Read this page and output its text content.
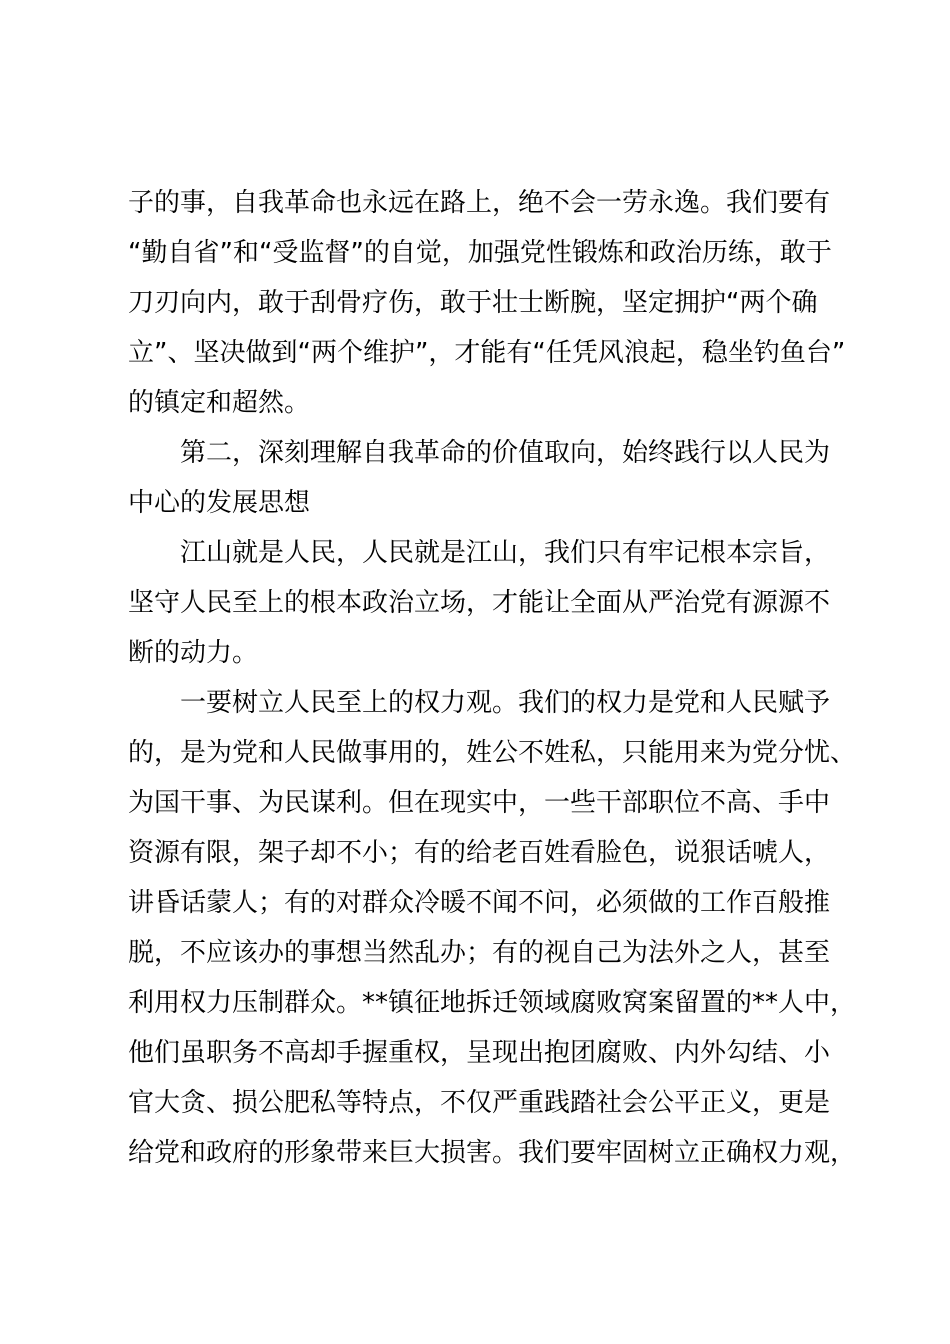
子的事，自我革命也永远在路上，绝不会一劳永逸。我们要有
“勤自省”和“受监督”的自觉，加强党性锻炼和政治历练，敢于
刀刃向内，敢于刮骨疗伤，敢于壮士断腕，坚定拥护“两个确
立”、坚决做到“两个维护”，才能有“任凭风浪起，稳坐钓鱼台”
的镇定和超然。
第二，深刻理解自我革命的价值取向，始终践行以人民为
中心的发展思想
江山就是人民，人民就是江山，我们只有牢记根本宗旨，
坚守人民至上的根本政治立场，才能让全面从严治党有源源不
断的动力。
一要树立人民至上的权力观。我们的权力是党和人民赋予
的，是为党和人民做事用的，姓公不姓私，只能用来为党分忧、
为国干事、为民谋利。但在现实中，一些干部职位不高、手中
资源有限，架子却不小；有的给老百姓看脸色，说狠话唬人，
讲昏话蒙人；有的对群众冷暖不闻不问，必须做的工作百般推
脱，不应该办的事想当然乱办；有的视自己为法外之人，甚至
利用权力压制群众。**镇征地拆迁领域腐败窝案留置的**人中，
他们虽职务不高却手握重权，呈现出抱团腐败、内外勾结、小
官大贪、损公肥私等特点，不仅严重践踏社会公平正义，更是
给党和政府的形象带来巨大损害。我们要牢固树立正确权力观，
